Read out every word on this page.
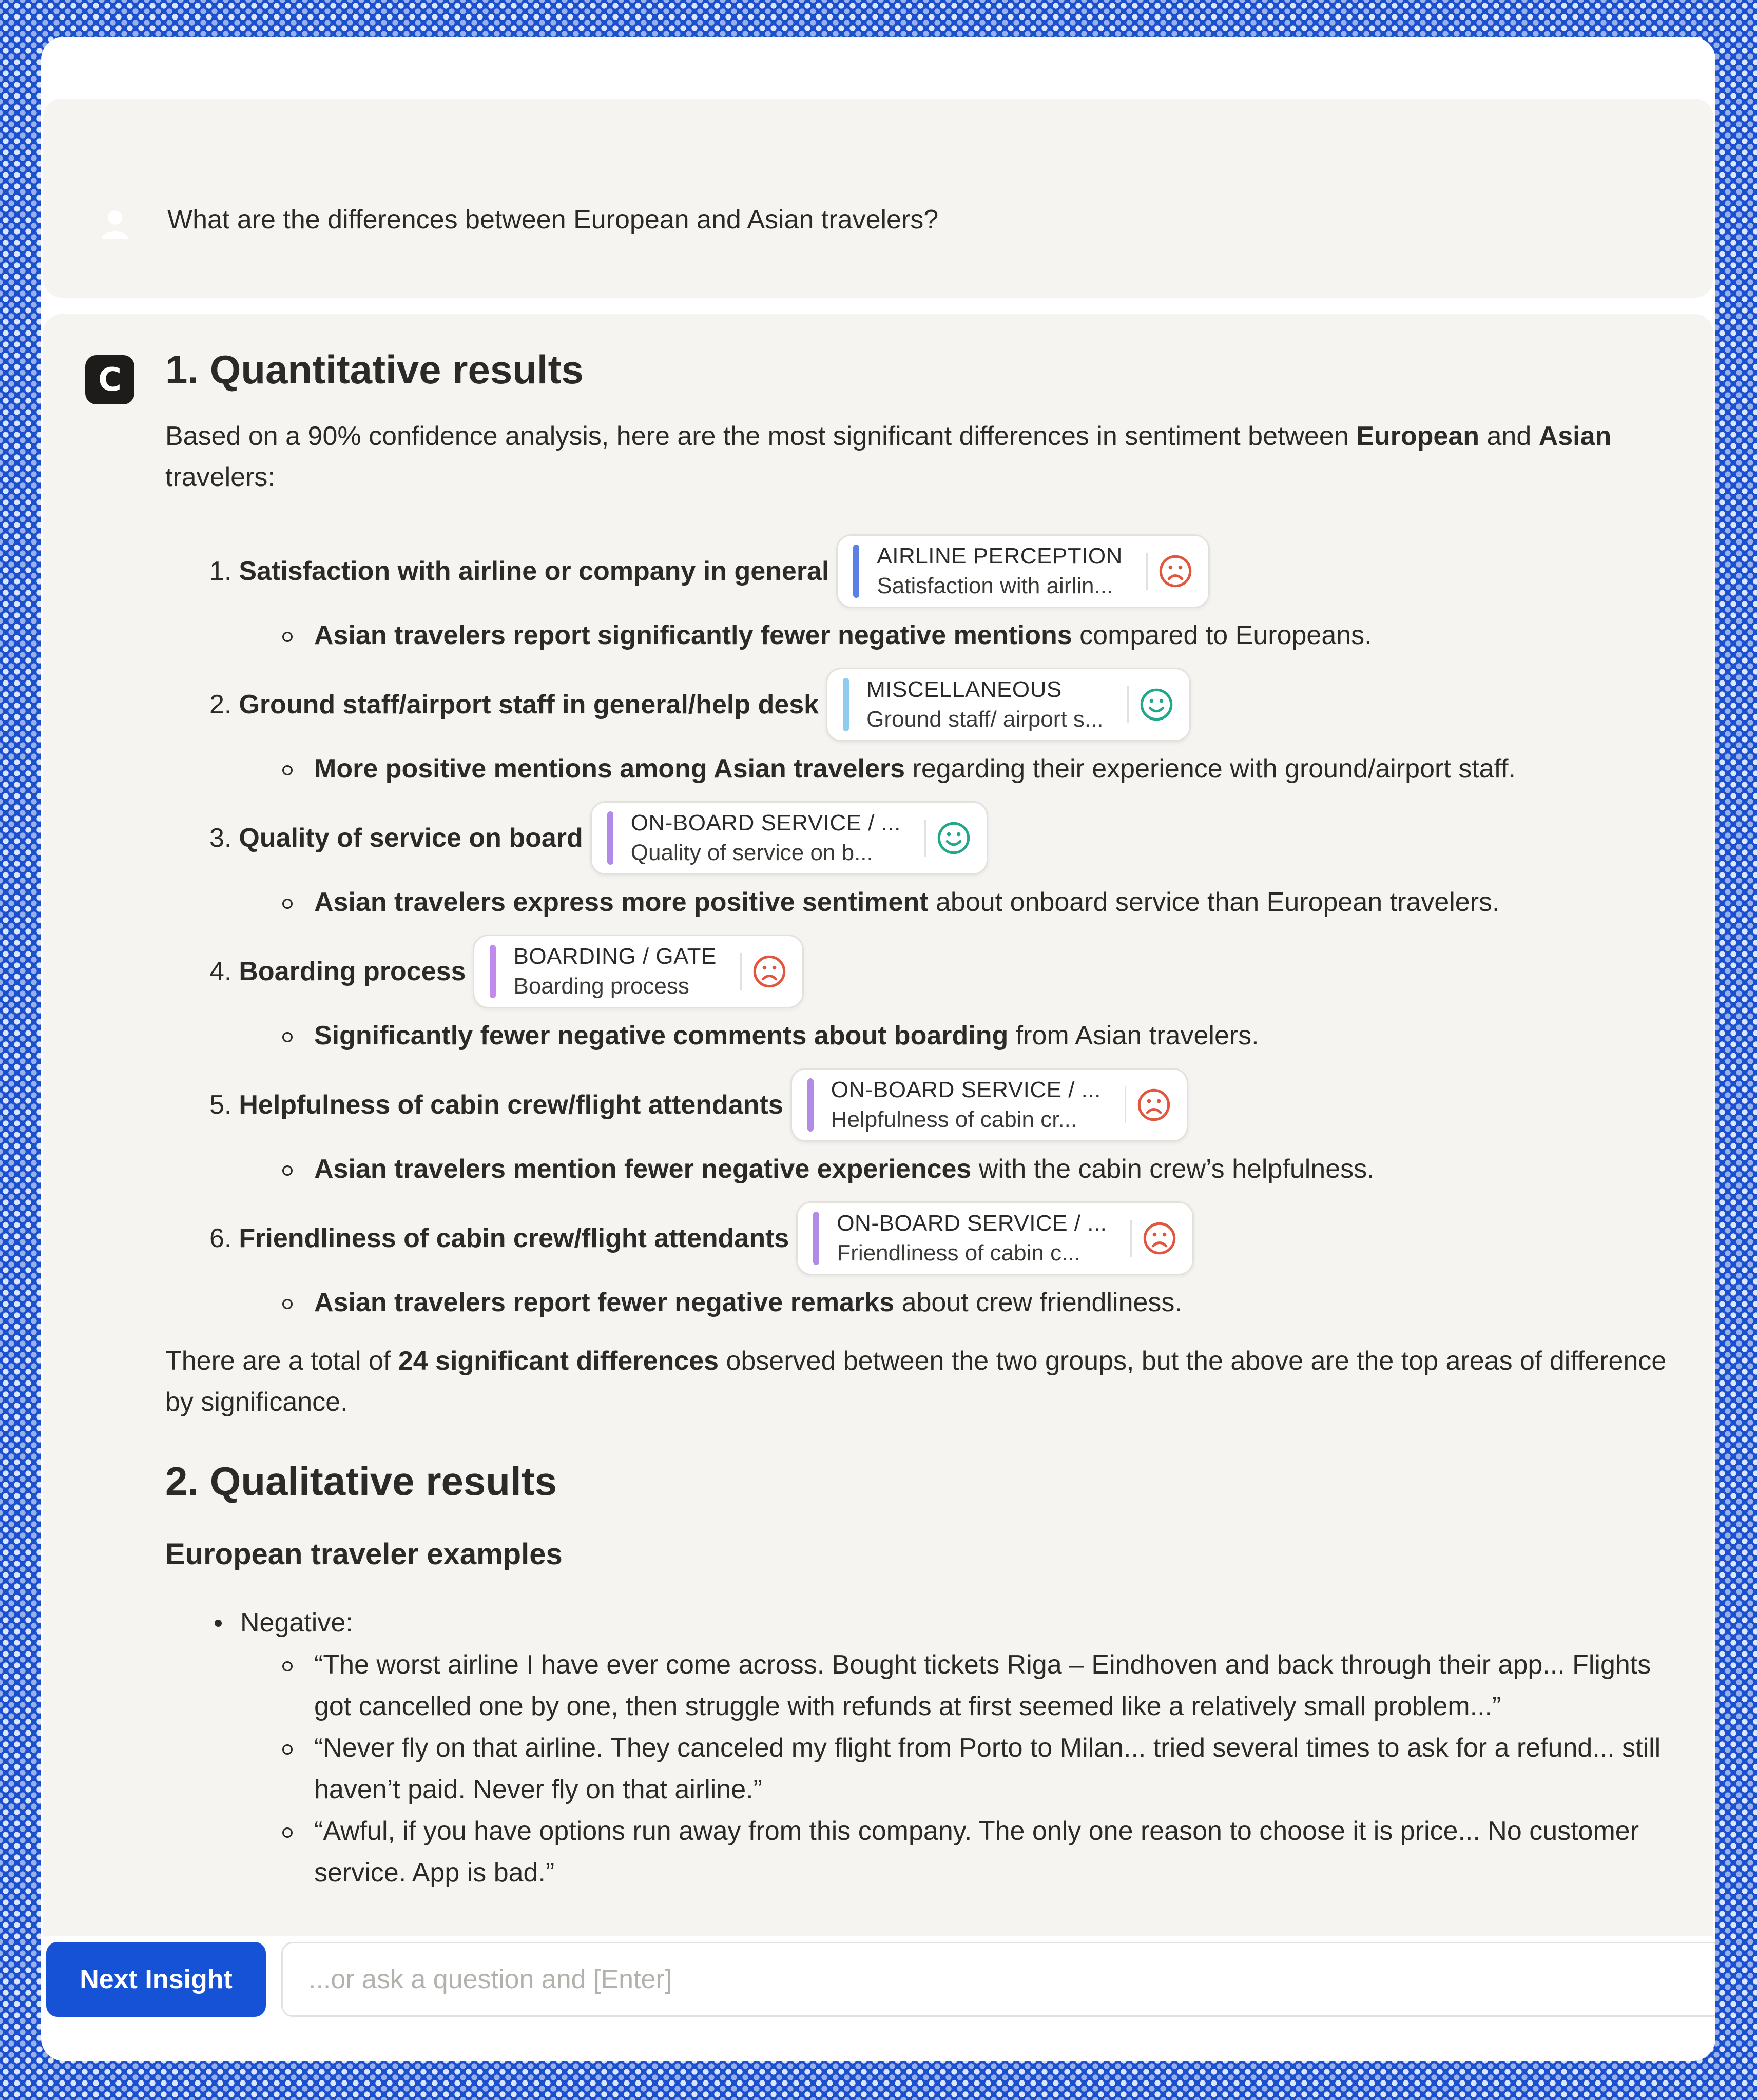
What are the differences between European and Asian travelers?
C	1. Quantitative results

Based on a 90% confidence analysis, here are the most significant differences in sentiment between European and Asian travelers:

1. Satisfaction with airline or company in general
AIRLINE PERCEPTION
Satisfaction with airlin...
Asian travelers report significantly fewer negative mentions compared to Europeans.
2. Ground staff/airport staff in general/help desk
MISCELLANEOUS
Ground staff/ airport s...
More positive mentions among Asian travelers regarding their experience with ground/airport staff.
3. Quality of service on board
ON-BOARD SERVICE / ...
Quality of service on b...
Asian travelers express more positive sentiment about onboard service than European travelers.
4. Boarding process
BOARDING / GATE
Boarding process
Significantly fewer negative comments about boarding from Asian travelers.
5. Helpfulness of cabin crew/flight attendants
ON-BOARD SERVICE / ...
Helpfulness of cabin cr...
Asian travelers mention fewer negative experiences with the cabin crew’s helpfulness.
6. Friendliness of cabin crew/flight attendants
ON-BOARD SERVICE / ...
Friendliness of cabin c...
Asian travelers report fewer negative remarks about crew friendliness.

There are a total of 24 significant differences observed between the two groups, but the above are the top areas of difference by significance.

2. Qualitative results
European traveler examples
Negative:
“The worst airline I have ever come across. Bought tickets Riga – Eindhoven and back through their app... Flights got cancelled one by one, then struggle with refunds at first seemed like a relatively small problem...”
“Never fly on that airline. They canceled my flight from Porto to Milan... tried several times to ask for a refund... still haven’t paid. Never fly on that airline.”
“Awful, if you have options run away from this company. The only one reason to choose it is price... No customer service. App is bad.”
Next Insight
...or ask a question and [Enter]
